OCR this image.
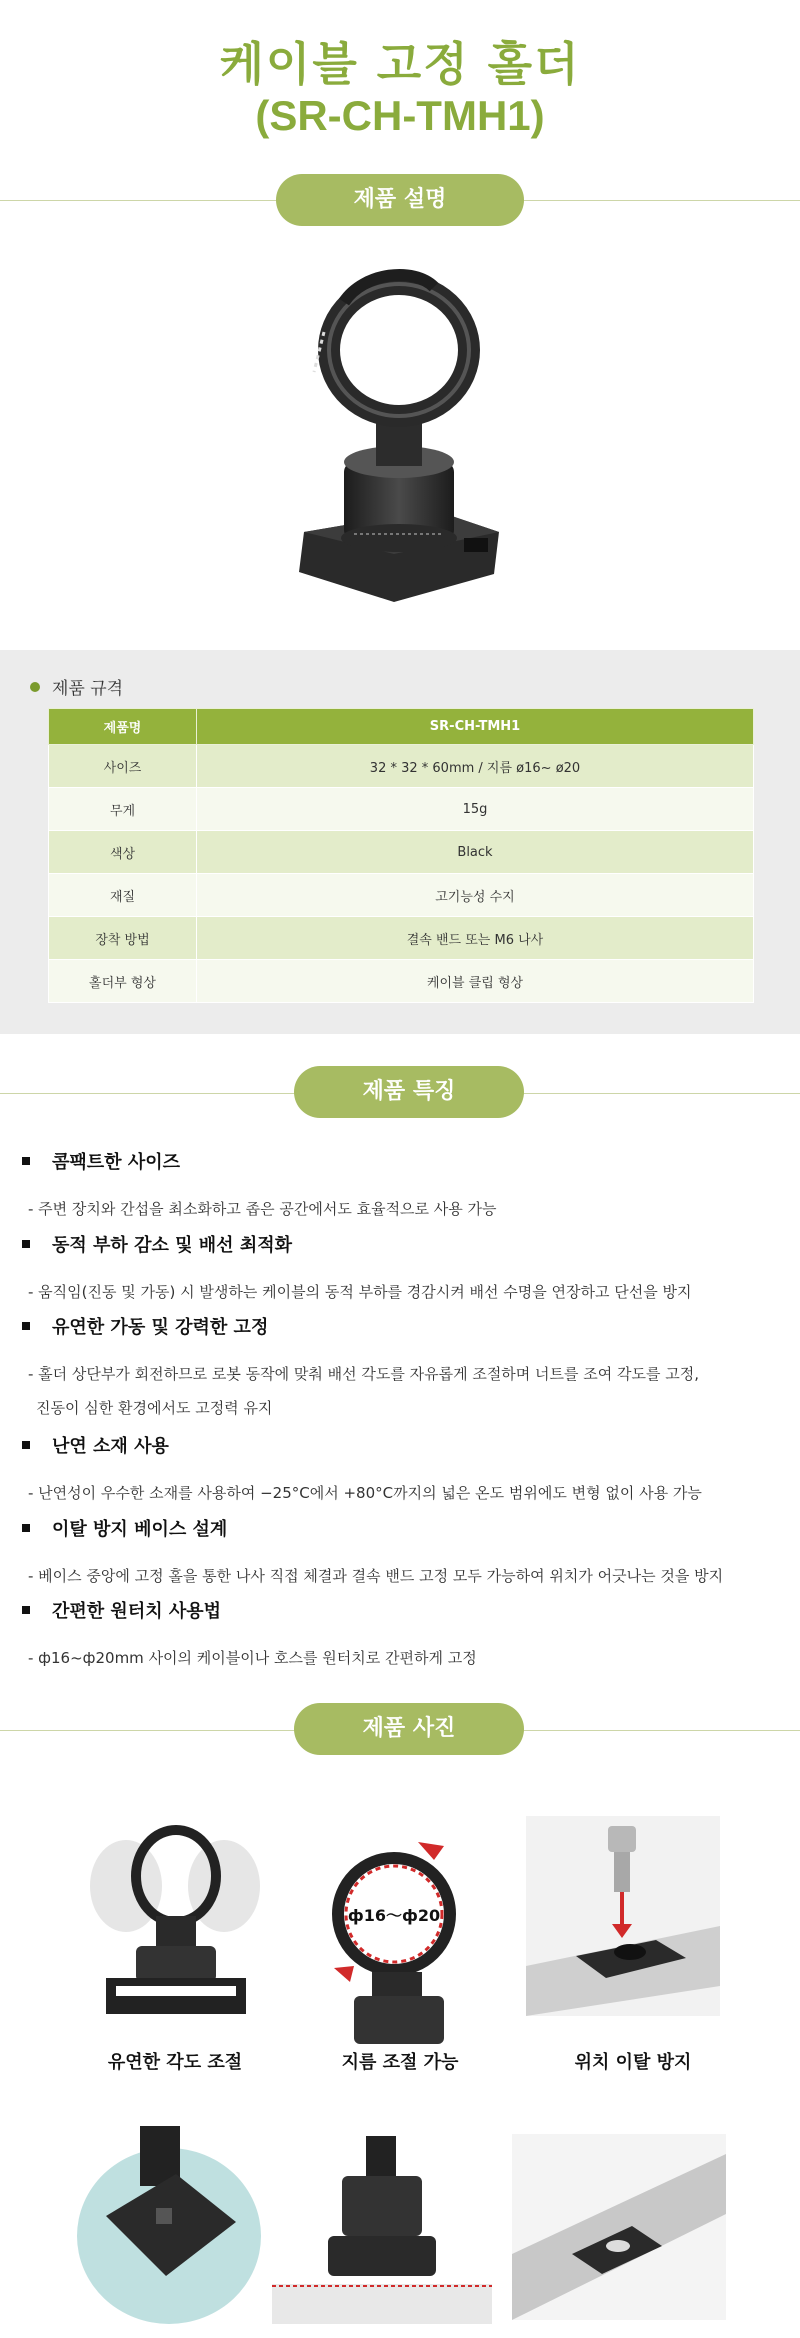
케이블 고정 홀더
(SR-CH-TMH1)
제품 설명
제품 규격
제품명	SR-CH-TMH1
사이즈	32 * 32 * 60mm / 지름 ø16~ ø20
무게	15g
색상	Black
재질	고기능성 수지
장착 방법	결속 밴드 또는 M6 나사
홀더부 형상	케이블 클립 형상
제품 특징
콤팩트한 사이즈
- 주변 장치와 간섭을 최소화하고 좁은 공간에서도 효율적으로 사용 가능
동적 부하 감소 및 배선 최적화
- 움직임(진동 및 가동) 시 발생하는 케이블의 동적 부하를 경감시켜 배선 수명을 연장하고 단선을 방지
유연한 가동 및 강력한 고정
- 홀더 상단부가 회전하므로 로봇 동작에 맞춰 배선 각도를 자유롭게 조절하며 너트를 조여 각도를 고정,
진동이 심한 환경에서도 고정력 유지
난연 소재 사용
- 난연성이 우수한 소재를 사용하여 −25°C에서 +80°C까지의 넓은 온도 범위에도 변형 없이 사용 가능
이탈 방지 베이스 설계
- 베이스 중앙에 고정 홀을 통한 나사 직접 체결과 결속 밴드 고정 모두 가능하여 위치가 어긋나는 것을 방지
간편한 원터치 사용법
- ф16~ф20mm 사이의 케이블이나 호스를 원터치로 간편하게 고정
제품 사진
유연한 각도 조절
ф16～ф20
지름 조절 가능	위치 이탈 방지
